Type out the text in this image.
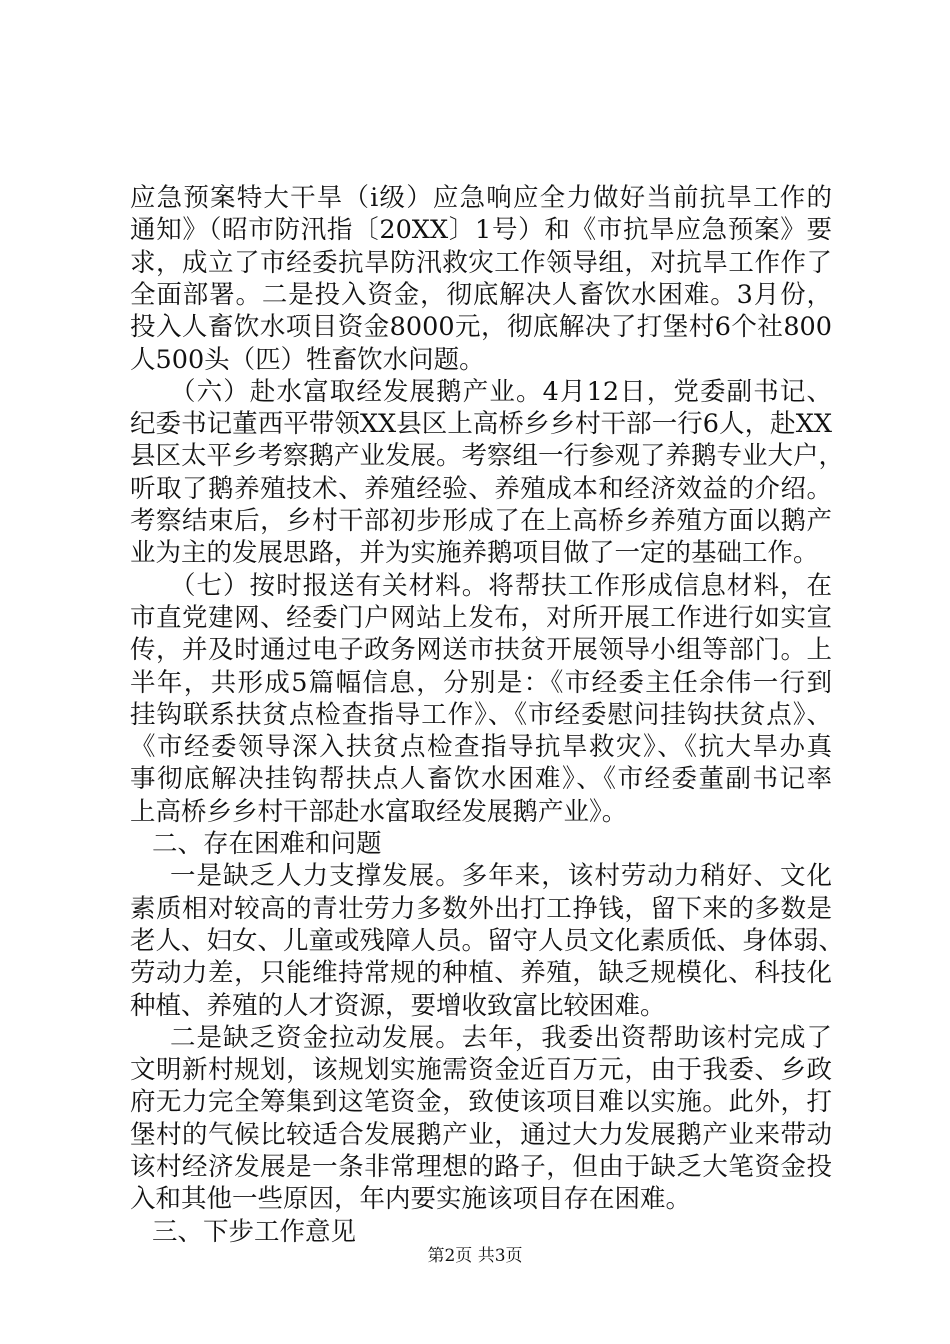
应急预案特大干旱（ⅰ级）应急响应全力做好当前抗旱工作的
通知》（昭市防汛指〔20XX〕1号）和《市抗旱应急预案》要
求，成立了市经委抗旱防汛救灾工作领导组，对抗旱工作作了
全面部署。二是投入资金，彻底解决人畜饮水困难。3月份，
投入人畜饮水项目资金8000元，彻底解决了打堡村6个社800
人500头（匹）牲畜饮水问题。
（六）赴水富取经发展鹅产业。4月12日，党委副书记、
纪委书记董西平带领XX县区上高桥乡乡村干部一行6人，赴XX
县区太平乡考察鹅产业发展。考察组一行参观了养鹅专业大户，
听取了鹅养殖技术、养殖经验、养殖成本和经济效益的介绍。
考察结束后，乡村干部初步形成了在上高桥乡养殖方面以鹅产
业为主的发展思路，并为实施养鹅项目做了一定的基础工作。
（七）按时报送有关材料。将帮扶工作形成信息材料，在
市直党建网、经委门户网站上发布，对所开展工作进行如实宣
传，并及时通过电子政务网送市扶贫开展领导小组等部门。上
半年，共形成5篇幅信息，分别是：《市经委主任余伟一行到
挂钩联系扶贫点检查指导工作》、《市经委慰问挂钩扶贫点》、
《市经委领导深入扶贫点检查指导抗旱救灾》、《抗大旱办真
事彻底解决挂钩帮扶点人畜饮水困难》、《市经委董副书记率
上高桥乡乡村干部赴水富取经发展鹅产业》。
二、存在困难和问题
一是缺乏人力支撑发展。多年来，该村劳动力稍好、文化
素质相对较高的青壮劳力多数外出打工挣钱，留下来的多数是
老人、妇女、儿童或残障人员。留守人员文化素质低、身体弱、
劳动力差，只能维持常规的种植、养殖，缺乏规模化、科技化
种植、养殖的人才资源，要增收致富比较困难。
二是缺乏资金拉动发展。去年，我委出资帮助该村完成了
文明新村规划，该规划实施需资金近百万元，由于我委、乡政
府无力完全筹集到这笔资金，致使该项目难以实施。此外，打
堡村的气候比较适合发展鹅产业，通过大力发展鹅产业来带动
该村经济发展是一条非常理想的路子，但由于缺乏大笔资金投
入和其他一些原因，年内要实施该项目存在困难。
三、下步工作意见
第2页 共3页
